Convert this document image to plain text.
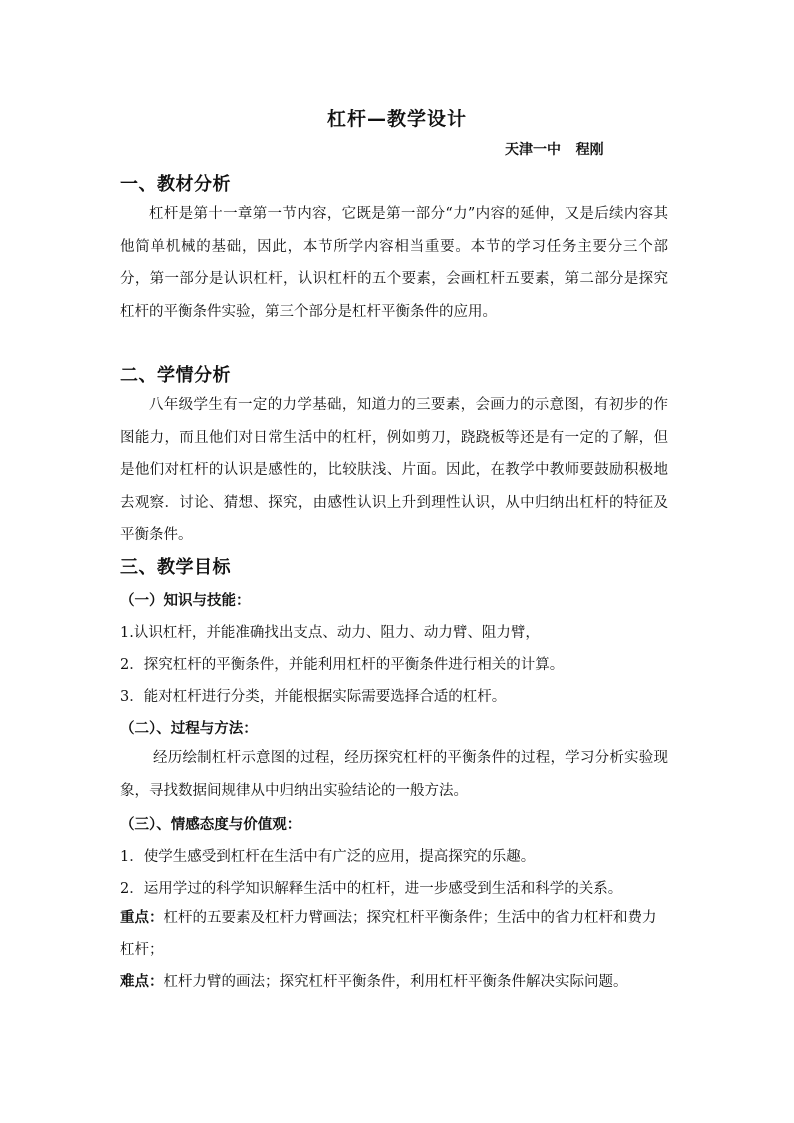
杠杆—教学设计
天津一中   程刚
一、教材分析

杠杆是第十一章第一节内容，它既是第一部分“力”内容的延伸，又是后续内容其他简单机械的基础，因此，本节所学内容相当重要。本节的学习任务主要分三个部分，第一部分是认识杠杆，认识杠杆的五个要素，会画杠杆五要素，第二部分是探究杠杆的平衡条件实验，第三个部分是杠杆平衡条件的应用。

二、学情分析

八年级学生有一定的力学基础，知道力的三要素，会画力的示意图，有初步的作图能力，而且他们对日常生活中的杠杆，例如剪刀，跷跷板等还是有一定的了解，但是他们对杠杆的认识是感性的，比较肤浅、片面。因此，在教学中教师要鼓励积极地去观察．讨论、猜想、探究，由感性认识上升到理性认识，从中归纳出杠杆的特征及平衡条件。

三、教学目标
（一）知识与技能：
1.认识杠杆，并能准确找出支点、动力、阻力、动力臂、阻力臂，
2．探究杠杆的平衡条件，并能利用杠杆的平衡条件进行相关的计算。
3．能对杠杆进行分类，并能根据实际需要选择合适的杠杆。
（二）、过程与方法：

经历绘制杠杆示意图的过程，经历探究杠杆的平衡条件的过程，学习分析实验现象，寻找数据间规律从中归纳出实验结论的一般方法。

（三）、情感态度与价值观：
1．使学生感受到杠杆在生活中有广泛的应用，提高探究的乐趣。
2．运用学过的科学知识解释生活中的杠杆，进一步感受到生活和科学的关系。

重点：杠杆的五要素及杠杆力臂画法；探究杠杆平衡条件；生活中的省力杠杆和费力杠杆；

难点：杠杆力臂的画法；探究杠杆平衡条件，利用杠杆平衡条件解决实际问题。
